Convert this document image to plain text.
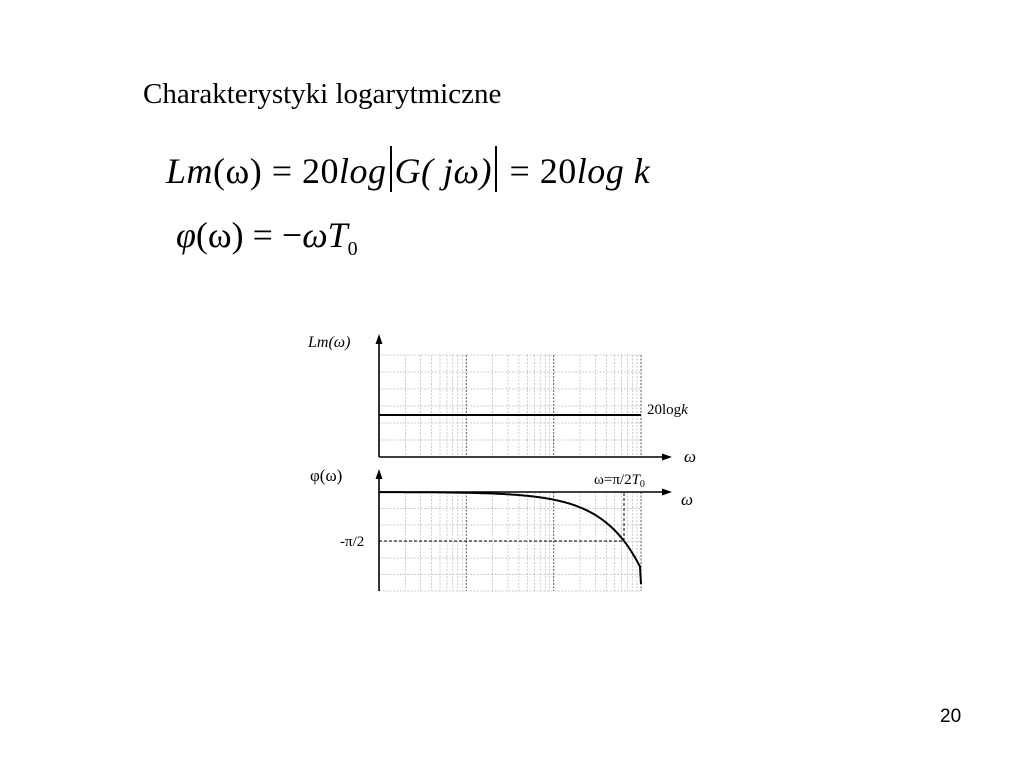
Charakterystyki logarytmiczne
Lm(ω) = 20log G( jω) = 20log k
$\varphi(\omega) = -\omega T_0$
Lm(ω)
20logk
ω
φ(ω)	$\omega=\pi/2T_0$
ω
-π/2
20
